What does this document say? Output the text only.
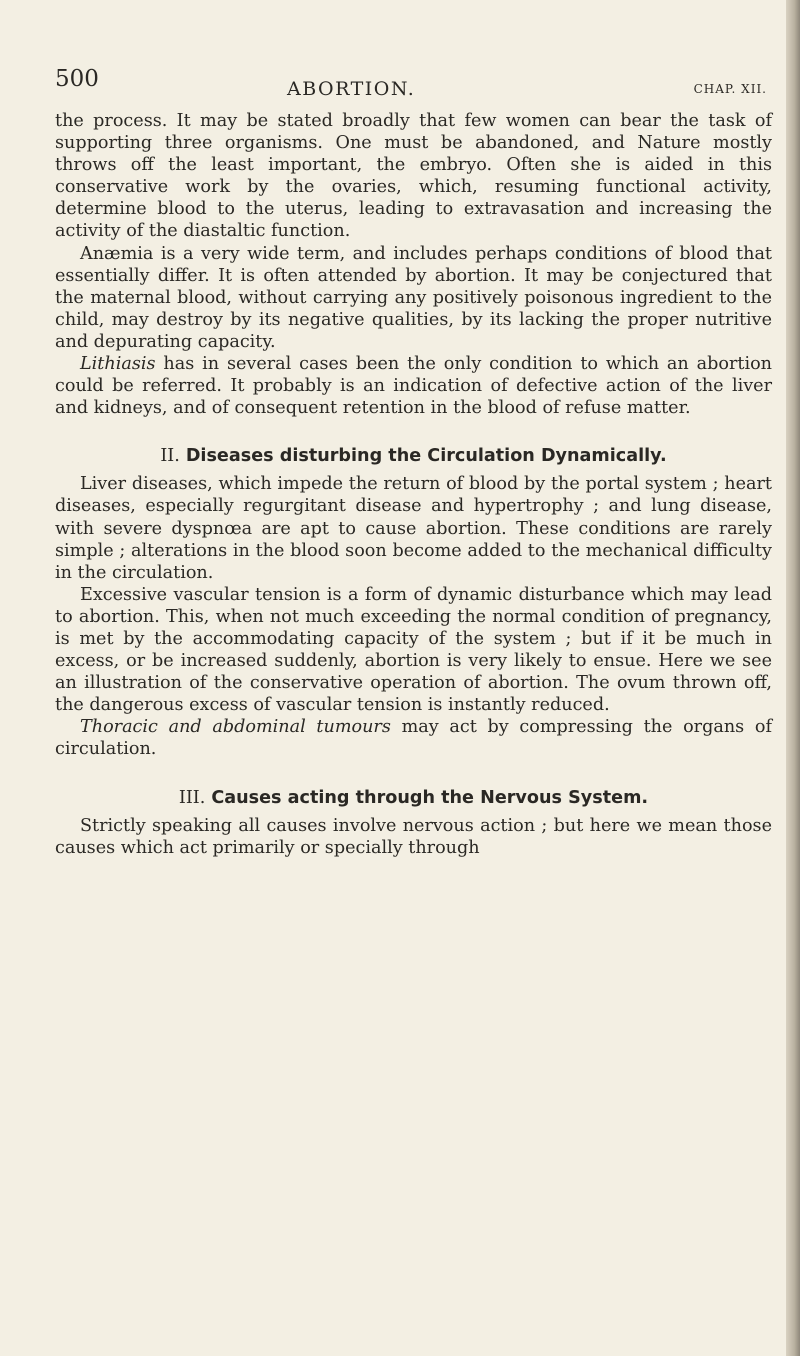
500	ABORTION.	CHAP. XII.

the process. It may be stated broadly that few women can bear the task of supporting three organisms. One must be abandoned, and Nature mostly throws off the least important, the embryo. Often she is aided in this conservative work by the ovaries, which, resuming functional activity, determine blood to the uterus, leading to extravasation and increasing the activity of the diastaltic function.

Anæmia is a very wide term, and includes perhaps conditions of blood that essentially differ. It is often attended by abortion. It may be conjectured that the maternal blood, without carrying any positively poisonous ingredient to the child, may destroy by its negative qualities, by its lacking the proper nutritive and depurating capacity.

Lithiasis has in several cases been the only condition to which an abortion could be referred. It probably is an indication of defective action of the liver and kidneys, and of consequent retention in the blood of refuse matter.

II. Diseases disturbing the Circulation Dynamically.

Liver diseases, which impede the return of blood by the portal system ; heart diseases, especially regurgitant disease and hypertrophy ; and lung disease, with severe dyspnœa are apt to cause abortion. These conditions are rarely simple ; alterations in the blood soon become added to the mechanical difficulty in the circulation.

Excessive vascular tension is a form of dynamic disturbance which may lead to abortion. This, when not much exceeding the normal condition of pregnancy, is met by the accommodating capacity of the system ; but if it be much in excess, or be increased suddenly, abortion is very likely to ensue. Here we see an illustration of the conservative operation of abortion. The ovum thrown off, the dangerous excess of vascular tension is instantly reduced.

Thoracic and abdominal tumours may act by compressing the organs of circulation.

III. Causes acting through the Nervous System.

Strictly speaking all causes involve nervous action ; but here we mean those causes which act primarily or specially through
